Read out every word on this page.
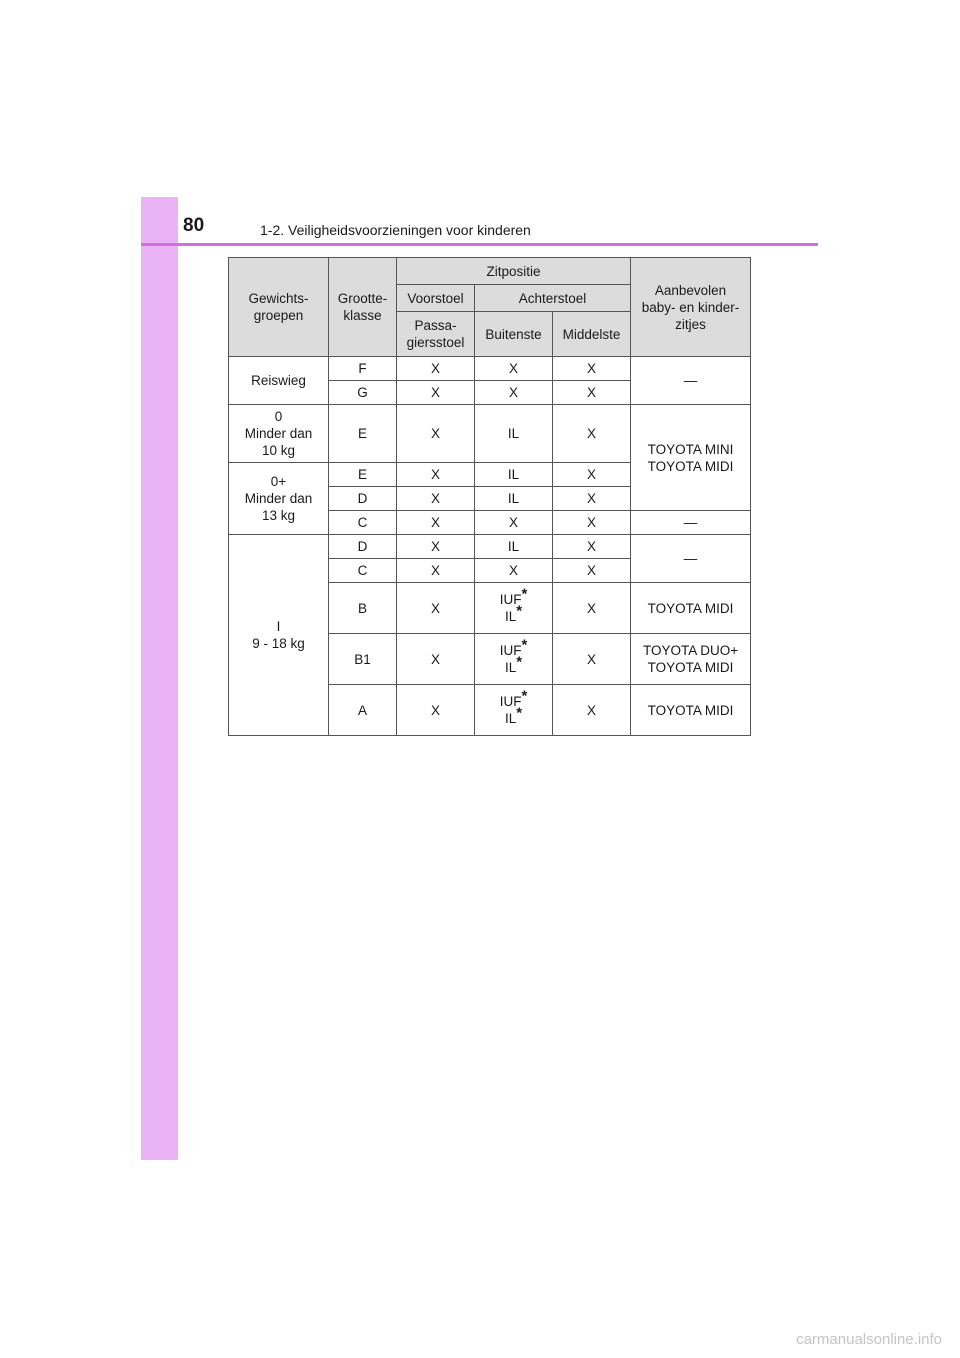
80	1-2. Veiligheidsvoorzieningen voor kinderen
Gewichts-
groepen	Grootte-
klasse	Zitpositie			Aanbevolen
baby- en kinder-
zitjes
		Voorstoel	Achterstoel		
		Passa-
giersstoel	Buitenste	Middelste	
Reiswieg	F	X	X	X	—
	G	X	X	X	
0
Minder dan
10 kg	E	X	IL	X	TOYOTA MINI
TOYOTA MIDI
0+
Minder dan
13 kg	E	X	IL	X	
	D	X	IL	X	
	C	X	X	X	—
I
9 - 18 kg	D	X	IL	X	—
	C	X	X	X	
	B	X	IUF*
IL*	X	TOYOTA MIDI
	B1	X	IUF*
IL*	X	TOYOTA DUO+
TOYOTA MIDI
	A	X	IUF*
IL*	X	TOYOTA MIDI
carmanualsonline.info
